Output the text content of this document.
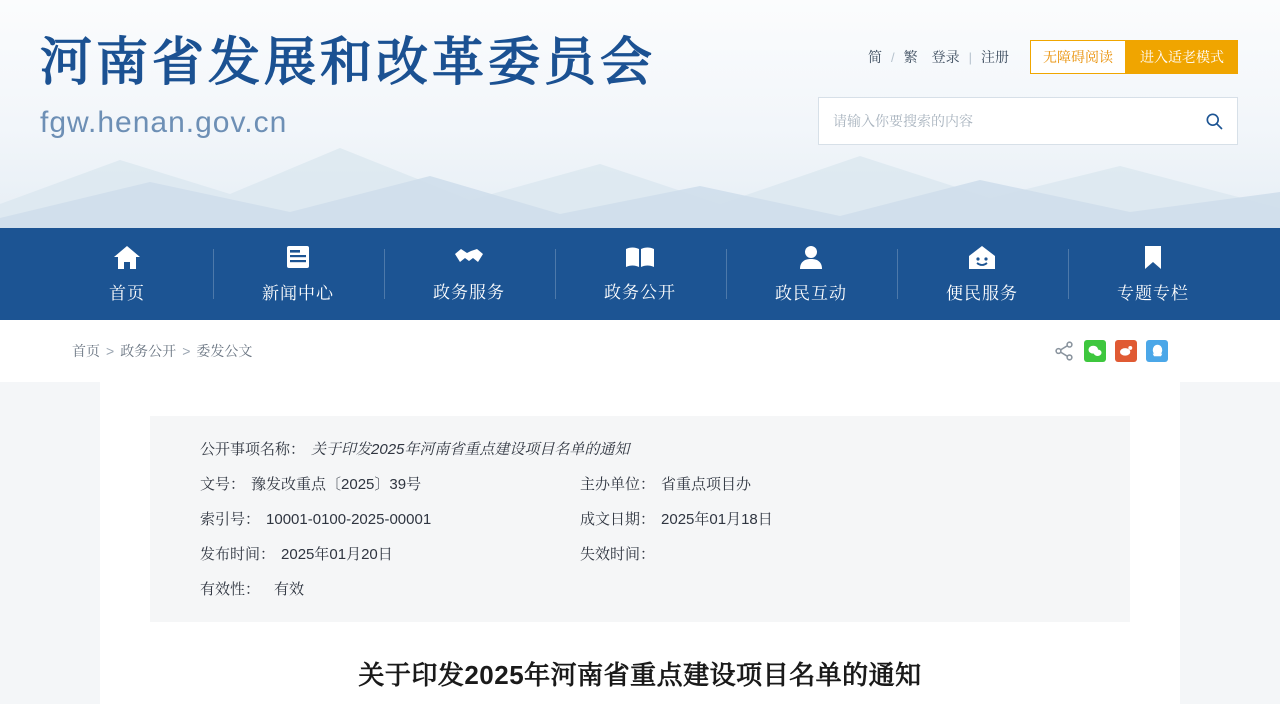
河南省发展和改革委员会
fgw.henan.gov.cn
简 / 繁	登录 | 注册	无障碍阅读	进入适老模式
请输入你要搜索的内容
首页	新闻中心	政务服务	政务公开	政民互动	便民服务	专题专栏
首页 > 政务公开 > 委发公文
公开事项名称： 关于印发2025年河南省重点建设项目名单的通知
文号： 豫发改重点〔2025〕39号	主办单位： 省重点项目办
索引号： 10001-0100-2025-00001	成文日期： 2025年01月18日
发布时间： 2025年01月20日	失效时间：
有效性： 有效
关于印发2025年河南省重点建设项目名单的通知
